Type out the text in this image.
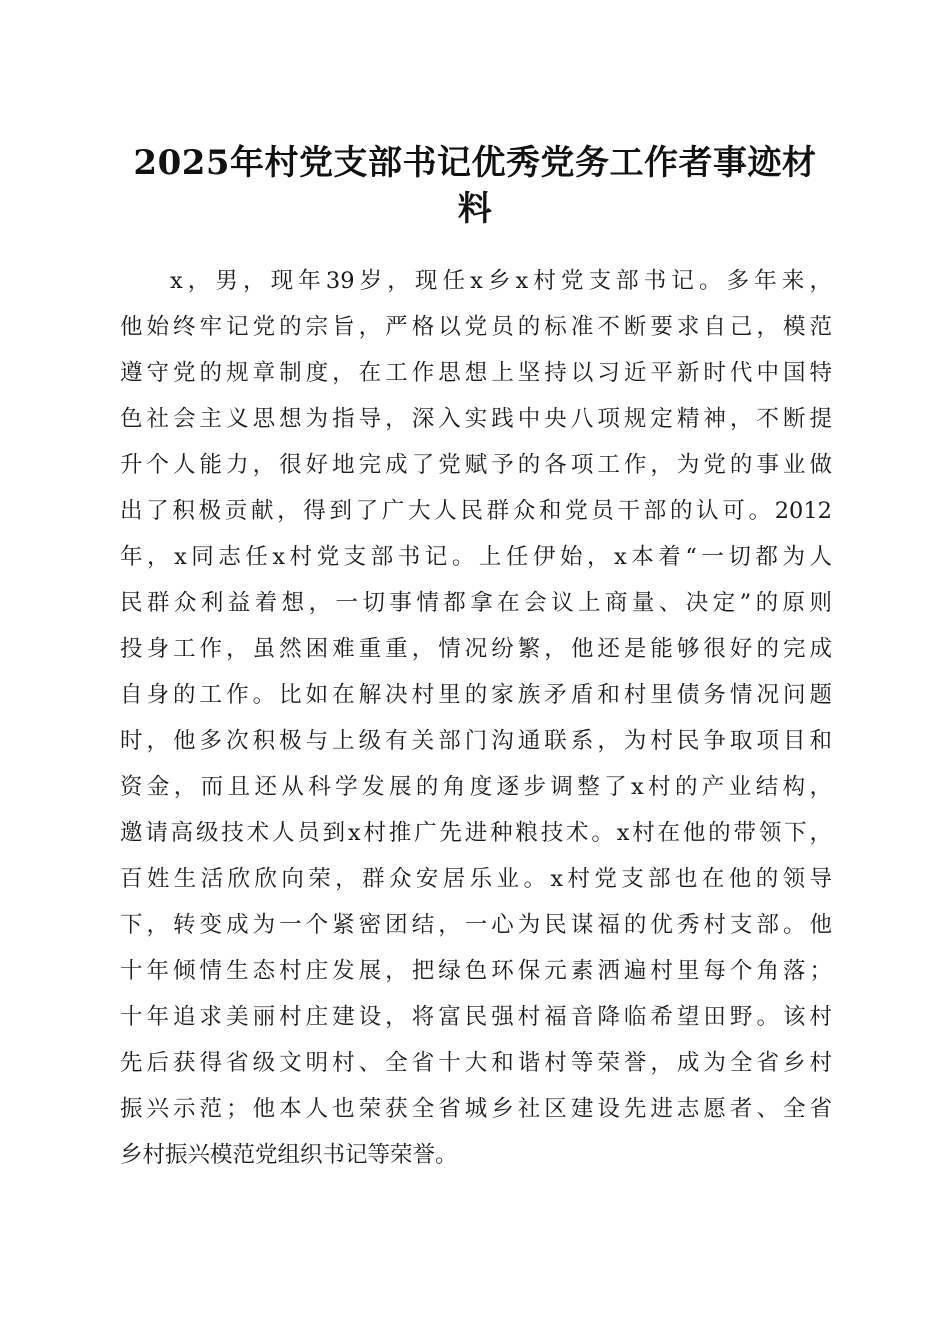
2025年村党支部书记优秀党务工作者事迹材
料
x，男，现年39岁，现任x乡x村党支部书记。多年来，
他始终牢记党的宗旨，严格以党员的标准不断要求自己，模范
遵守党的规章制度，在工作思想上坚持以习近平新时代中国特
色社会主义思想为指导，深入实践中央八项规定精神，不断提
升个人能力，很好地完成了党赋予的各项工作，为党的事业做
出了积极贡献，得到了广大人民群众和党员干部的认可。2012
年，x同志任x村党支部书记。上任伊始，x本着“一切都为人
民群众利益着想，一切事情都拿在会议上商量、决定”的原则
投身工作，虽然困难重重，情况纷繁，他还是能够很好的完成
自身的工作。比如在解决村里的家族矛盾和村里债务情况问题
时，他多次积极与上级有关部门沟通联系，为村民争取项目和
资金，而且还从科学发展的角度逐步调整了x村的产业结构，
邀请高级技术人员到x村推广先进种粮技术。x村在他的带领下，
百姓生活欣欣向荣，群众安居乐业。x村党支部也在他的领导
下，转变成为一个紧密团结，一心为民谋福的优秀村支部。他
十年倾情生态村庄发展，把绿色环保元素洒遍村里每个角落；
十年追求美丽村庄建设，将富民强村福音降临希望田野。该村
先后获得省级文明村、全省十大和谐村等荣誉，成为全省乡村
振兴示范；他本人也荣获全省城乡社区建设先进志愿者、全省
乡村振兴模范党组织书记等荣誉。
